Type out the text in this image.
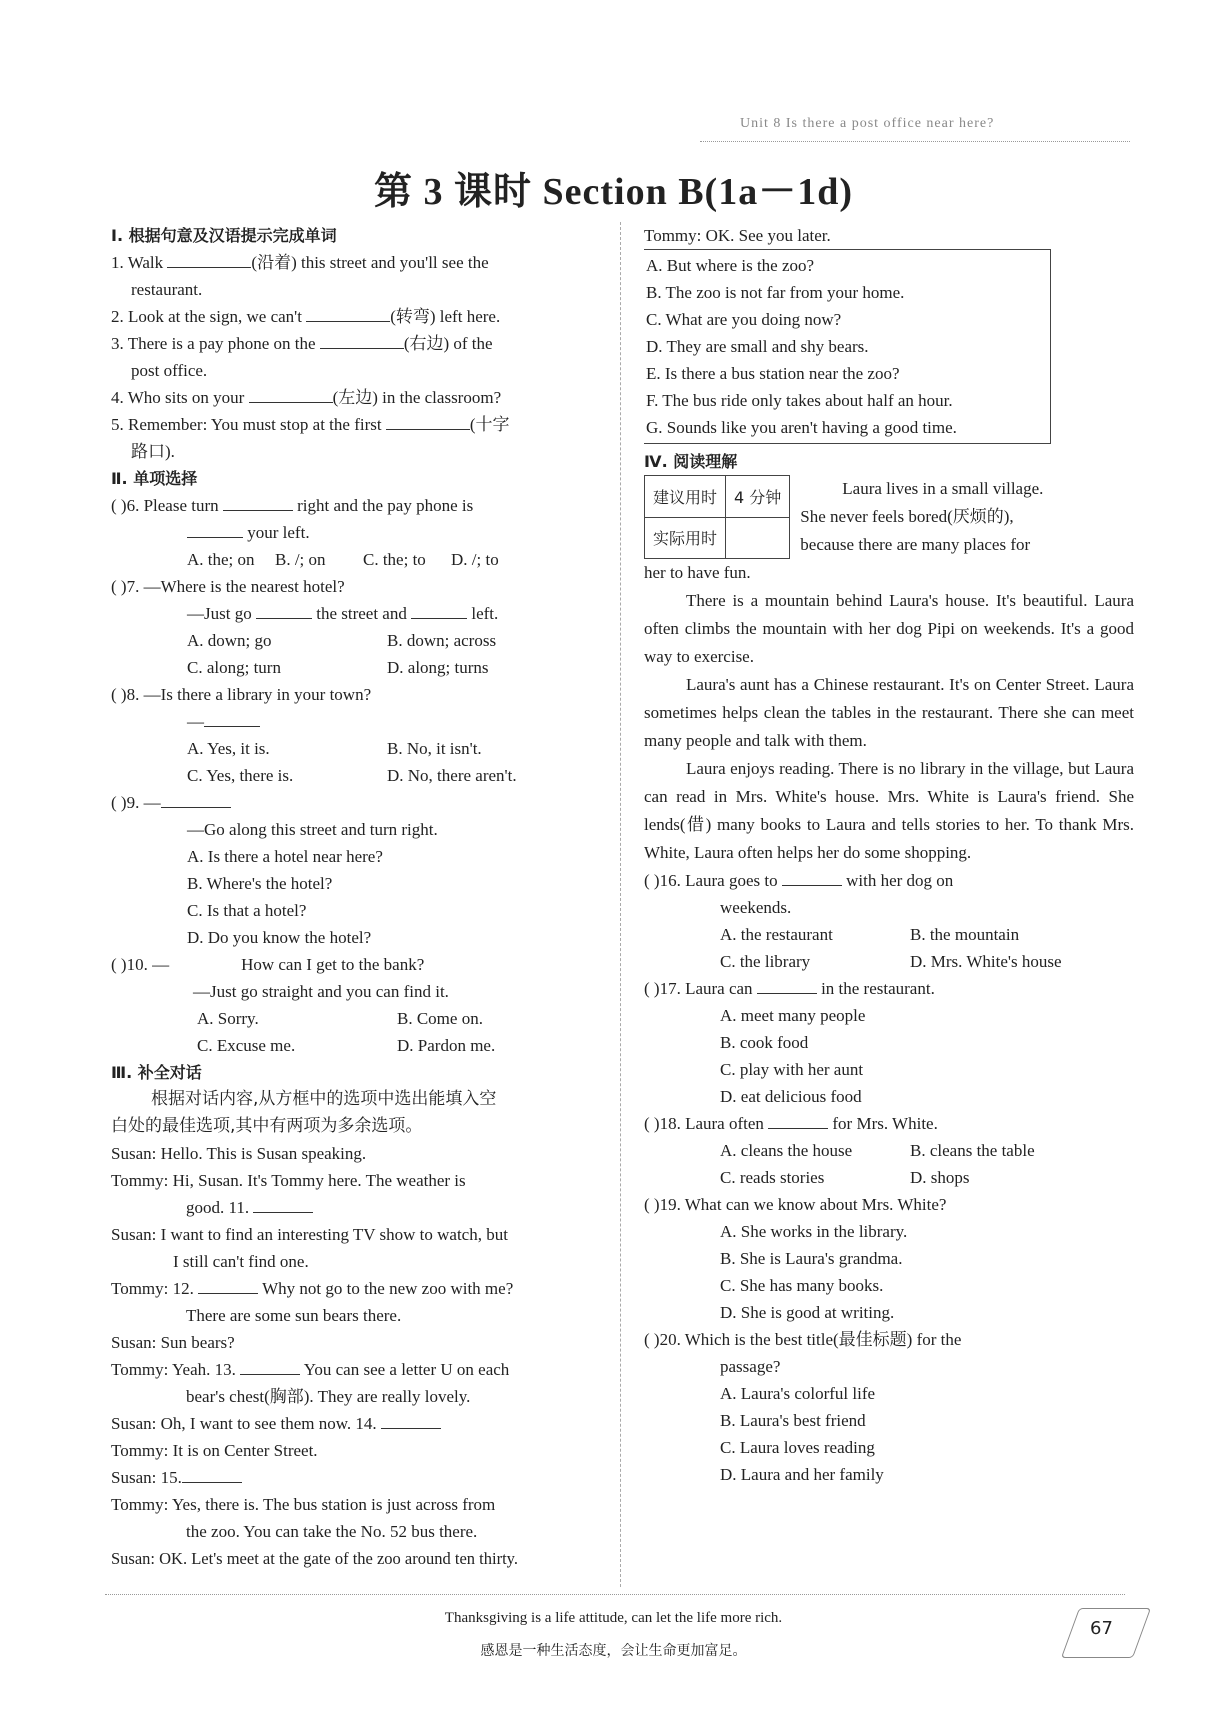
Unit 8 Is there a post office near here?
第 3 课时 Section B(1a－1d)
Ⅰ. 根据句意及汉语提示完成单词
1. Walk	(沿着) this street and you'll see the
restaurant.
2. Look at the sign, we can't	(转弯) left here.
3. There is a pay phone on the	(右边) of the
post office.
4. Who sits on your	(左边) in the classroom?
5. Remember: You must stop at the first	(十字
路口).
Ⅱ. 单项选择
( )6. Please turn	right and the pay phone is
your left.
A. the; on	B. /; on	C. the; to	D. /; to
( )7. —Where is the nearest hotel?
—Just go	the street and	left.
A. down; go	B. down; across
C. along; turn	D. along; turns
( )8. —Is there a library in your town?
—
A. Yes, it is.	B. No, it isn't.
C. Yes, there is.	D. No, there aren't.
( )9. —
—Go along this street and turn right.
A. Is there a hotel near here?
B. Where's the hotel?
C. Is that a hotel?
D. Do you know the hotel?
( )10. —	How can I get to the bank?
—Just go straight and you can find it.
A. Sorry.	B. Come on.
C. Excuse me.	D. Pardon me.
Ⅲ. 补全对话
根据对话内容,从方框中的选项中选出能填入空
白处的最佳选项,其中有两项为多余选项。
Susan: Hello. This is Susan speaking.
Tommy: Hi, Susan. It's Tommy here. The weather is
good. 11.
Susan: I want to find an interesting TV show to watch, but
I still can't find one.
Tommy: 12.	Why not go to the new zoo with me?
There are some sun bears there.
Susan: Sun bears?
Tommy: Yeah. 13.	You can see a letter U on each
bear's chest(胸部). They are really lovely.
Susan: Oh, I want to see them now. 14.
Tommy: It is on Center Street.
Susan: 15.
Tommy: Yes, there is. The bus station is just across from
the zoo. You can take the No. 52 bus there.
Susan: OK. Let's meet at the gate of the zoo around ten thirty.
Tommy: OK. See you later.
A. But where is the zoo?
B. The zoo is not far from your home.
C. What are you doing now?
D. They are small and shy bears.
E. Is there a bus station near the zoo?
F. The bus ride only takes about half an hour.
G. Sounds like you aren't having a good time.
Ⅳ. 阅读理解
建议用时	4 分钟
实际用时	
Laura lives in a small village.
She never feels bored(厌烦的),
because there are many places for
her to have fun.
There is a mountain behind Laura's house. It's beautiful. Laura often climbs the mountain with her dog Pipi on weekends. It's a good way to exercise.
Laura's aunt has a Chinese restaurant. It's on Center Street. Laura sometimes helps clean the tables in the restaurant. There she can meet many people and talk with them.
Laura enjoys reading. There is no library in the village, but Laura can read in Mrs. White's house. Mrs. White is Laura's friend. She lends(借) many books to Laura and tells stories to her. To thank Mrs. White, Laura often helps her do some shopping.
( )16. Laura goes to	with her dog on
weekends.
A. the restaurant	B. the mountain
C. the library	D. Mrs. White's house
( )17. Laura can	in the restaurant.
A. meet many people
B. cook food
C. play with her aunt
D. eat delicious food
( )18. Laura often	for Mrs. White.
A. cleans the house	B. cleans the table
C. reads stories	D. shops
( )19. What can we know about Mrs. White?
A. She works in the library.
B. She is Laura's grandma.
C. She has many books.
D. She is good at writing.
( )20. Which is the best title(最佳标题) for the
passage?
A. Laura's colorful life
B. Laura's best friend
C. Laura loves reading
D. Laura and her family
Thanksgiving is a life attitude, can let the life more rich.
感恩是一种生活态度，会让生命更加富足。
67
